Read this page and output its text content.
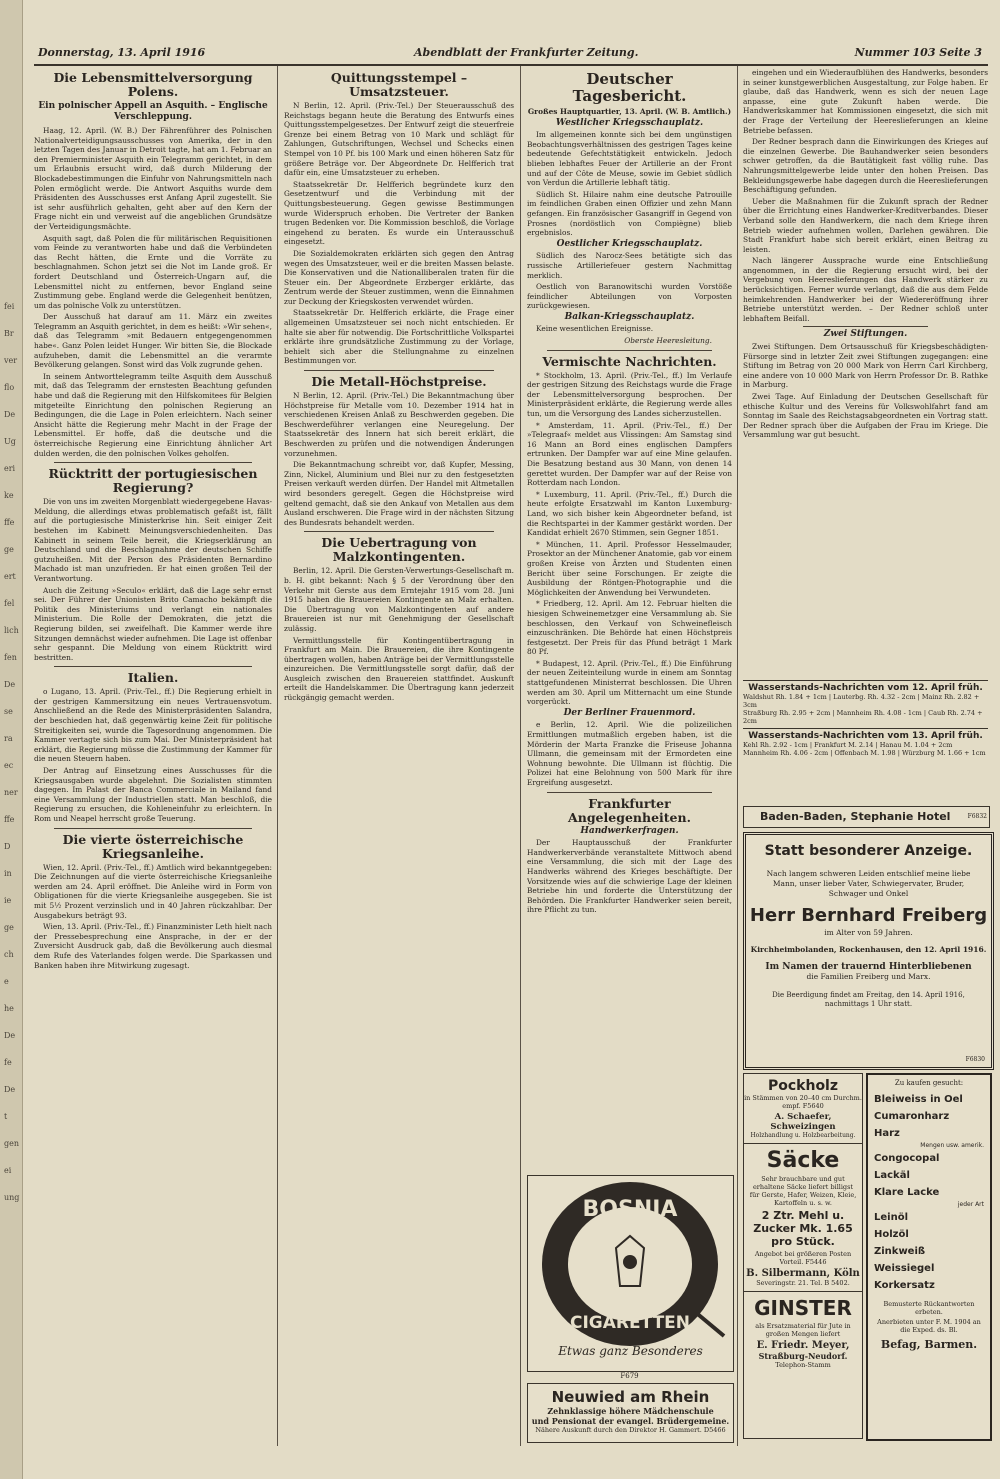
fei
Br
ver
flo
De
Ug
eri
ke
ffe
ge
ert
fel
lich
fen
De
se
ra
ec
ner
ffe
D
in
ie
ge
ch
e
he
De
fe
De
t
gen
ei
ung
Donnerstag, 13. April 1916	Abendblatt der Frankfurter Zeitung.	Nummer 103 Seite 3
Die Lebensmittelversorgung Polens.
Ein polnischer Appell an Asquith. – Englische Verschleppung.

Haag, 12. April. (W. B.) Der Fährenführer des Polnischen Nationalverteidigungsausschusses von Amerika, der in den letzten Tagen des Januar in Detroit tagte, hat am 1. Februar an den Premierminister Asquith ein Telegramm gerichtet, in dem um Erlaubnis ersucht wird, daß durch Milderung der Blockadebestimmungen die Einfuhr von Nahrungsmitteln nach Polen ermöglicht werde. Die Antwort Asquiths wurde dem Präsidenten des Ausschusses erst Anfang April zugestellt. Sie ist sehr ausführlich gehalten, geht aber auf den Kern der Frage nicht ein und verweist auf die angeblichen Grundsätze der Verteidigungsmächte.

Asquith sagt, daß Polen die für militärischen Requisitionen vom Feinde zu verantworten habe und daß die Verbündeten das Recht hätten, die Ernte und die Vorräte zu beschlagnahmen. Schon jetzt sei die Not im Lande groß. Er fordert Deutschland und Österreich-Ungarn auf, die Lebensmittel nicht zu entfernen, bevor England seine Zustimmung gebe. England werde die Gelegenheit benützen, um das polnische Volk zu unterstützen.

Der Ausschuß hat darauf am 11. März ein zweites Telegramm an Asquith gerichtet, in dem es heißt: »Wir sehen«, daß das Telegramm »mit Bedauern entgegengenommen habe«. Ganz Polen leidet Hunger. Wir bitten Sie, die Blockade aufzuheben, damit die Lebensmittel an die verarmte Bevölkerung gelangen. Sonst wird das Volk zugrunde gehen.

In seinem Antworttelegramm teilte Asquith dem Ausschuß mit, daß das Telegramm der ernstesten Beachtung gefunden habe und daß die Regierung mit den Hilfskomitees für Belgien mitgeteilte Einrichtung den polnischen Regierung an Bedingungen, die die Lage in Polen erleichtern. Nach seiner Ansicht hätte die Regierung mehr Macht in der Frage der Lebensmittel. Er hoffe, daß die deutsche und die österreichische Regierung eine Einrichtung ähnlicher Art dulden werden, die den polnischen Volkes geholfen.

Rücktritt der portugiesischen Regierung?

Die von uns im zweiten Morgenblatt wiedergegebene Havas-Meldung, die allerdings etwas problematisch gefaßt ist, fällt auf die portugiesische Ministerkrise hin. Seit einiger Zeit bestehen im Kabinett Meinungsverschiedenheiten. Das Kabinett in seinem Teile bereit, die Kriegserklärung an Deutschland und die Beschlagnahme der deutschen Schiffe gutzuheißen. Mit der Person des Präsidenten Bernardino Machado ist man unzufrieden. Er hat einen großen Teil der Verantwortung.

Auch die Zeitung »Seculo« erklärt, daß die Lage sehr ernst sei. Der Führer der Unionisten Brito Camacho bekämpft die Politik des Ministeriums und verlangt ein nationales Ministerium. Die Rolle der Demokraten, die jetzt die Regierung bilden, sei zweifelhaft. Die Kammer werde ihre Sitzungen demnächst wieder aufnehmen. Die Lage ist offenbar sehr gespannt. Die Meldung von einem Rücktritt wird bestritten.

Italien.

o Lugano, 13. April. (Priv.-Tel., ff.) Die Regierung erhielt in der gestrigen Kammersitzung ein neues Vertrauensvotum. Anschließend an die Rede des Ministerpräsidenten Salandra, der beschieden hat, daß gegenwärtig keine Zeit für politische Streitigkeiten sei, wurde die Tagesordnung angenommen. Die Kammer vertagte sich bis zum Mai. Der Ministerpräsident hat erklärt, die Regierung müsse die Zustimmung der Kammer für die neuen Steuern haben.

Der Antrag auf Einsetzung eines Ausschusses für die Kriegsausgaben wurde abgelehnt. Die Sozialisten stimmten dagegen. Im Palast der Banca Commerciale in Mailand fand eine Versammlung der Industriellen statt. Man beschloß, die Regierung zu ersuchen, die Kohleneinfuhr zu erleichtern. In Rom und Neapel herrscht große Teuerung.

Die vierte österreichische Kriegsanleihe.

Wien, 12. April. (Priv.-Tel., ff.) Amtlich wird bekanntgegeben: Die Zeichnungen auf die vierte österreichische Kriegsanleihe werden am 24. April eröffnet. Die Anleihe wird in Form von Obligationen für die vierte Kriegsanleihe ausgegeben. Sie ist mit 5½ Prozent verzinslich und in 40 Jahren rückzahlbar. Der Ausgabekurs beträgt 93.

Wien, 13. April. (Priv.-Tel., ff.) Finanzminister Leth hielt nach der Pressebesprechung eine Ansprache, in der er der Zuversicht Ausdruck gab, daß die Bevölkerung auch diesmal dem Rufe des Vaterlandes folgen werde. Die Sparkassen und Banken haben ihre Mitwirkung zugesagt.

Quittungsstempel – Umsatzsteuer.

N Berlin, 12. April. (Priv.-Tel.) Der Steuerausschuß des Reichstags begann heute die Beratung des Entwurfs eines Quittungsstempelgesetzes. Der Entwurf zeigt die steuerfreie Grenze bei einem Betrag von 10 Mark und schlägt für Zahlungen, Gutschriftungen, Wechsel und Schecks einen Stempel von 10 Pf. bis 100 Mark und einen höheren Satz für größere Beträge vor. Der Abgeordnete Dr. Helfferich trat dafür ein, eine Umsatzsteuer zu erheben.

Staatssekretär Dr. Helfferich begründete kurz den Gesetzentwurf und die Verbindung mit der Quittungsbesteuerung. Gegen gewisse Bestimmungen wurde Widerspruch erhoben. Die Vertreter der Banken trugen Bedenken vor. Die Kommission beschloß, die Vorlage eingehend zu beraten. Es wurde ein Unterausschuß eingesetzt.

Die Sozialdemokraten erklärten sich gegen den Antrag wegen des Umsatzsteuer, weil er die breiten Massen belaste. Die Konservativen und die Nationalliberalen traten für die Steuer ein. Der Abgeordnete Erzberger erklärte, das Zentrum werde der Steuer zustimmen, wenn die Einnahmen zur Deckung der Kriegskosten verwendet würden.

Staatssekretär Dr. Helfferich erklärte, die Frage einer allgemeinen Umsatzsteuer sei noch nicht entschieden. Er halte sie aber für notwendig. Die Fortschrittliche Volkspartei erklärte ihre grundsätzliche Zustimmung zu der Vorlage, behielt sich aber die Stellungnahme zu einzelnen Bestimmungen vor.

Die Metall-Höchstpreise.

N Berlin, 12. April. (Priv.-Tel.) Die Bekanntmachung über Höchstpreise für Metalle vom 10. Dezember 1914 hat in verschiedenen Kreisen Anlaß zu Beschwerden gegeben. Die Beschwerdeführer verlangen eine Neuregelung. Der Staatssekretär des Innern hat sich bereit erklärt, die Beschwerden zu prüfen und die notwendigen Änderungen vorzunehmen.

Die Bekanntmachung schreibt vor, daß Kupfer, Messing, Zinn, Nickel, Aluminium und Blei nur zu den festgesetzten Preisen verkauft werden dürfen. Der Handel mit Altmetallen wird besonders geregelt. Gegen die Höchstpreise wird geltend gemacht, daß sie den Ankauf von Metallen aus dem Ausland erschweren. Die Frage wird in der nächsten Sitzung des Bundesrats behandelt werden.

Die Uebertragung von Malzkontingenten.

Berlin, 12. April. Die Gersten-Verwertungs-Gesellschaft m. b. H. gibt bekannt: Nach § 5 der Verordnung über den Verkehr mit Gerste aus dem Erntejahr 1915 vom 28. Juni 1915 haben die Brauereien Kontingente an Malz erhalten. Die Übertragung von Malzkontingenten auf andere Brauereien ist nur mit Genehmigung der Gesellschaft zulässig.

Vermittlungsstelle für Kontingentübertragung in Frankfurt am Main. Die Brauereien, die ihre Kontingente übertragen wollen, haben Anträge bei der Vermittlungsstelle einzureichen. Die Vermittlungsstelle sorgt dafür, daß der Ausgleich zwischen den Brauereien stattfindet. Auskunft erteilt die Handelskammer. Die Übertragung kann jederzeit rückgängig gemacht werden.

Deutscher Tagesbericht.

Großes Hauptquartier, 13. April. (W. B. Amtlich.)

Westlicher Kriegsschauplatz.

Im allgemeinen konnte sich bei dem ungünstigen Beobachtungsverhältnissen des gestrigen Tages keine bedeutende Gefechtstätigkeit entwickeln. Jedoch blieben lebhaftes Feuer der Artillerie an der Front und auf der Côte de Meuse, sowie im Gebiet südlich von Verdun die Artillerie lebhaft tätig.

Südlich St. Hilaire nahm eine deutsche Patrouille im feindlichen Graben einen Offizier und zehn Mann gefangen. Ein französischer Gasangriff in Gegend von Prosnes (nordöstlich von Compiègne) blieb ergebnislos.

Oestlicher Kriegsschauplatz.

Südlich des Narocz-Sees betätigte sich das russische Artilleriefeuer gestern Nachmittag merklich.

Oestlich von Baranowitschi wurden Vorstöße feindlicher Abteilungen von Vorposten zurückgewiesen.

Balkan-Kriegsschauplatz.

Keine wesentlichen Ereignisse.

Oberste Heeresleitung.

Vermischte Nachrichten.

* Stockholm, 13. April. (Priv.-Tel., ff.) Im Verlaufe der gestrigen Sitzung des Reichstags wurde die Frage der Lebensmittelversorgung besprochen. Der Ministerpräsident erklärte, die Regierung werde alles tun, um die Versorgung des Landes sicherzustellen.

* Amsterdam, 11. April. (Priv.-Tel., ff.) Der »Telegraaf« meldet aus Vlissingen: Am Samstag sind 16 Mann an Bord eines englischen Dampfers ertrunken. Der Dampfer war auf eine Mine gelaufen. Die Besatzung bestand aus 30 Mann, von denen 14 gerettet wurden. Der Dampfer war auf der Reise von Rotterdam nach London.

* Luxemburg, 11. April. (Priv.-Tel., ff.) Durch die heute erfolgte Ersatzwahl im Kanton Luxemburg-Land, wo sich bisher kein Abgeordneter befand, ist die Rechtspartei in der Kammer gestärkt worden. Der Kandidat erhielt 2670 Stimmen, sein Gegner 1851.

* München, 11. April. Professor Hesselmauder, Prosektor an der Münchener Anatomie, gab vor einem großen Kreise von Ärzten und Studenten einen Bericht über seine Forschungen. Er zeigte die Ausbildung der Röntgen-Photographie und die Möglichkeiten der Anwendung bei Verwundeten.

* Friedberg, 12. April. Am 12. Februar hielten die hiesigen Schweinemetzger eine Versammlung ab. Sie beschlossen, den Verkauf von Schweinefleisch einzuschränken. Die Behörde hat einen Höchstpreis festgesetzt. Der Preis für das Pfund beträgt 1 Mark 80 Pf.

* Budapest, 12. April. (Priv.-Tel., ff.) Die Einführung der neuen Zeiteinteilung wurde in einem am Sonntag stattgefundenen Ministerrat beschlossen. Die Uhren werden am 30. April um Mitternacht um eine Stunde vorgerückt.

Der Berliner Frauenmord.

e Berlin, 12. April. Wie die polizeilichen Ermittlungen mutmaßlich ergeben haben, ist die Mörderin der Marta Franzke die Friseuse Johanna Ullmann, die gemeinsam mit der Ermordeten eine Wohnung bewohnte. Die Ullmann ist flüchtig. Die Polizei hat eine Belohnung von 500 Mark für ihre Ergreifung ausgesetzt.

Frankfurter Angelegenheiten.
Handwerkerfragen.

Der Hauptausschuß der Frankfurter Handwerkerverbände veranstaltete Mittwoch abend eine Versammlung, die sich mit der Lage des Handwerks während des Krieges beschäftigte. Der Vorsitzende wies auf die schwierige Lage der kleinen Betriebe hin und forderte die Unterstützung der Behörden. Die Frankfurter Handwerker seien bereit, ihre Pflicht zu tun.

BOSNIA
CIGARETTEN
Etwas ganz Besonderes
F679
Neuwied am Rhein
Zehnklassige höhere Mädchenschule
und Pensionat der evangel. Brüdergemeine.
Nähere Auskunft durch den Direktor H. Gammert. D5466

eingehen und ein Wiederaufblühen des Handwerks, besonders in seiner kunstgewerblichen Ausgestaltung, zur Folge haben. Er glaube, daß das Handwerk, wenn es sich der neuen Lage anpasse, eine gute Zukunft haben werde. Die Handwerkskammer hat Kommissionen eingesetzt, die sich mit der Frage der Verteilung der Heereslieferungen an kleine Betriebe befassen.

Der Redner besprach dann die Einwirkungen des Krieges auf die einzelnen Gewerbe. Die Bauhandwerker seien besonders schwer getroffen, da die Bautätigkeit fast völlig ruhe. Das Nahrungsmittelgewerbe leide unter den hohen Preisen. Das Bekleidungsgewerbe habe dagegen durch die Heereslieferungen Beschäftigung gefunden.

Ueber die Maßnahmen für die Zukunft sprach der Redner über die Errichtung eines Handwerker-Kreditverbandes. Dieser Verband solle den Handwerkern, die nach dem Kriege ihren Betrieb wieder aufnehmen wollen, Darlehen gewähren. Die Stadt Frankfurt habe sich bereit erklärt, einen Beitrag zu leisten.

Nach längerer Aussprache wurde eine Entschließung angenommen, in der die Regierung ersucht wird, bei der Vergebung von Heereslieferungen das Handwerk stärker zu berücksichtigen. Ferner wurde verlangt, daß die aus dem Felde heimkehrenden Handwerker bei der Wiedereröffnung ihrer Betriebe unterstützt werden. – Der Redner schloß unter lebhaftem Beifall.

Zwei Stiftungen.

Zwei Stiftungen. Dem Ortsausschuß für Kriegsbeschädigten-Fürsorge sind in letzter Zeit zwei Stiftungen zugegangen: eine Stiftung im Betrag von 20 000 Mark von Herrn Carl Kirchberg, eine andere von 10 000 Mark von Herrn Professor Dr. B. Rathke in Marburg.

Zwei Tage. Auf Einladung der Deutschen Gesellschaft für ethische Kultur und des Vereins für Volkswohlfahrt fand am Sonntag im Saale des Reichstagsabgeordneten ein Vortrag statt. Der Redner sprach über die Aufgaben der Frau im Kriege. Die Versammlung war gut besucht.

Wasserstands-Nachrichten vom 12. April früh.
Waldshut Rh. 1.84 + 1cm | Lauterbg. Rh. 4.32 - 2cm | Mainz Rh. 2.82 + 3cm
Straßburg Rh. 2.95 + 2cm | Mannheim Rh. 4.08 - 1cm | Caub Rh. 2.74 + 2cm
Wasserstands-Nachrichten vom 13. April früh.
Kehl Rh. 2.92 - 1cm | Frankfurt M. 2.14 | Hanau M. 1.04 + 2cm
Mannheim Rh. 4.06 - 2cm | Offenbach M. 1.98 | Würzburg M. 1.66 + 1cm
Baden-Baden, Stephanie Hotel	F6832
Statt besonderer Anzeige.
Nach langem schweren Leiden entschlief meine liebe Mann, unser lieber Vater, Schwiegervater, Bruder, Schwager und Onkel
Herr Bernhard Freiberg
im Alter von 59 Jahren.
Kirchheimbolanden, Rockenhausen, den 12. April 1916.
Im Namen der trauernd Hinterbliebenen
die Familien Freiberg und Marx.
Die Beerdigung findet am Freitag, den 14. April 1916, nachmittags 1 Uhr statt.
F6830
Pockholz
in Stämmen von 20–40 cm Durchm. empf. F5640
A. Schaefer, Schweizingen
Holzhandlung u. Holzbearbeitung.
Säcke
Sehr brauchbare und gut erhaltene Säcke liefert billigst für Gerste, Hafer, Weizen, Kleie, Kartoffeln u. s. w.
2 Ztr. Mehl u. Zucker Mk. 1.65 pro Stück.
Angebot bei größeren Posten Vorteil. F5446
B. Silbermann, Köln
Severingstr. 21. Tel. B 5402.
GINSTER
als Ersatzmaterial für Jute in großen Mengen liefert
E. Friedr. Meyer,
Straßburg-Neudorf.
Telephon-Stamm
Zu kaufen gesucht:
Bleiweiss in Oel
Cumaronharz
Harz
Mengen usw. amerik.
Congocopal
Lackäl
Klare Lacke
jeder Art
Leinöl
Holzöl
Zinkweiß Weissiegel
Korkersatz
Bemusterte Rückantworten erbeten.
Anerbieten unter F. M. 1904 an die Exped. ds. Bl.
Befag, Barmen.
